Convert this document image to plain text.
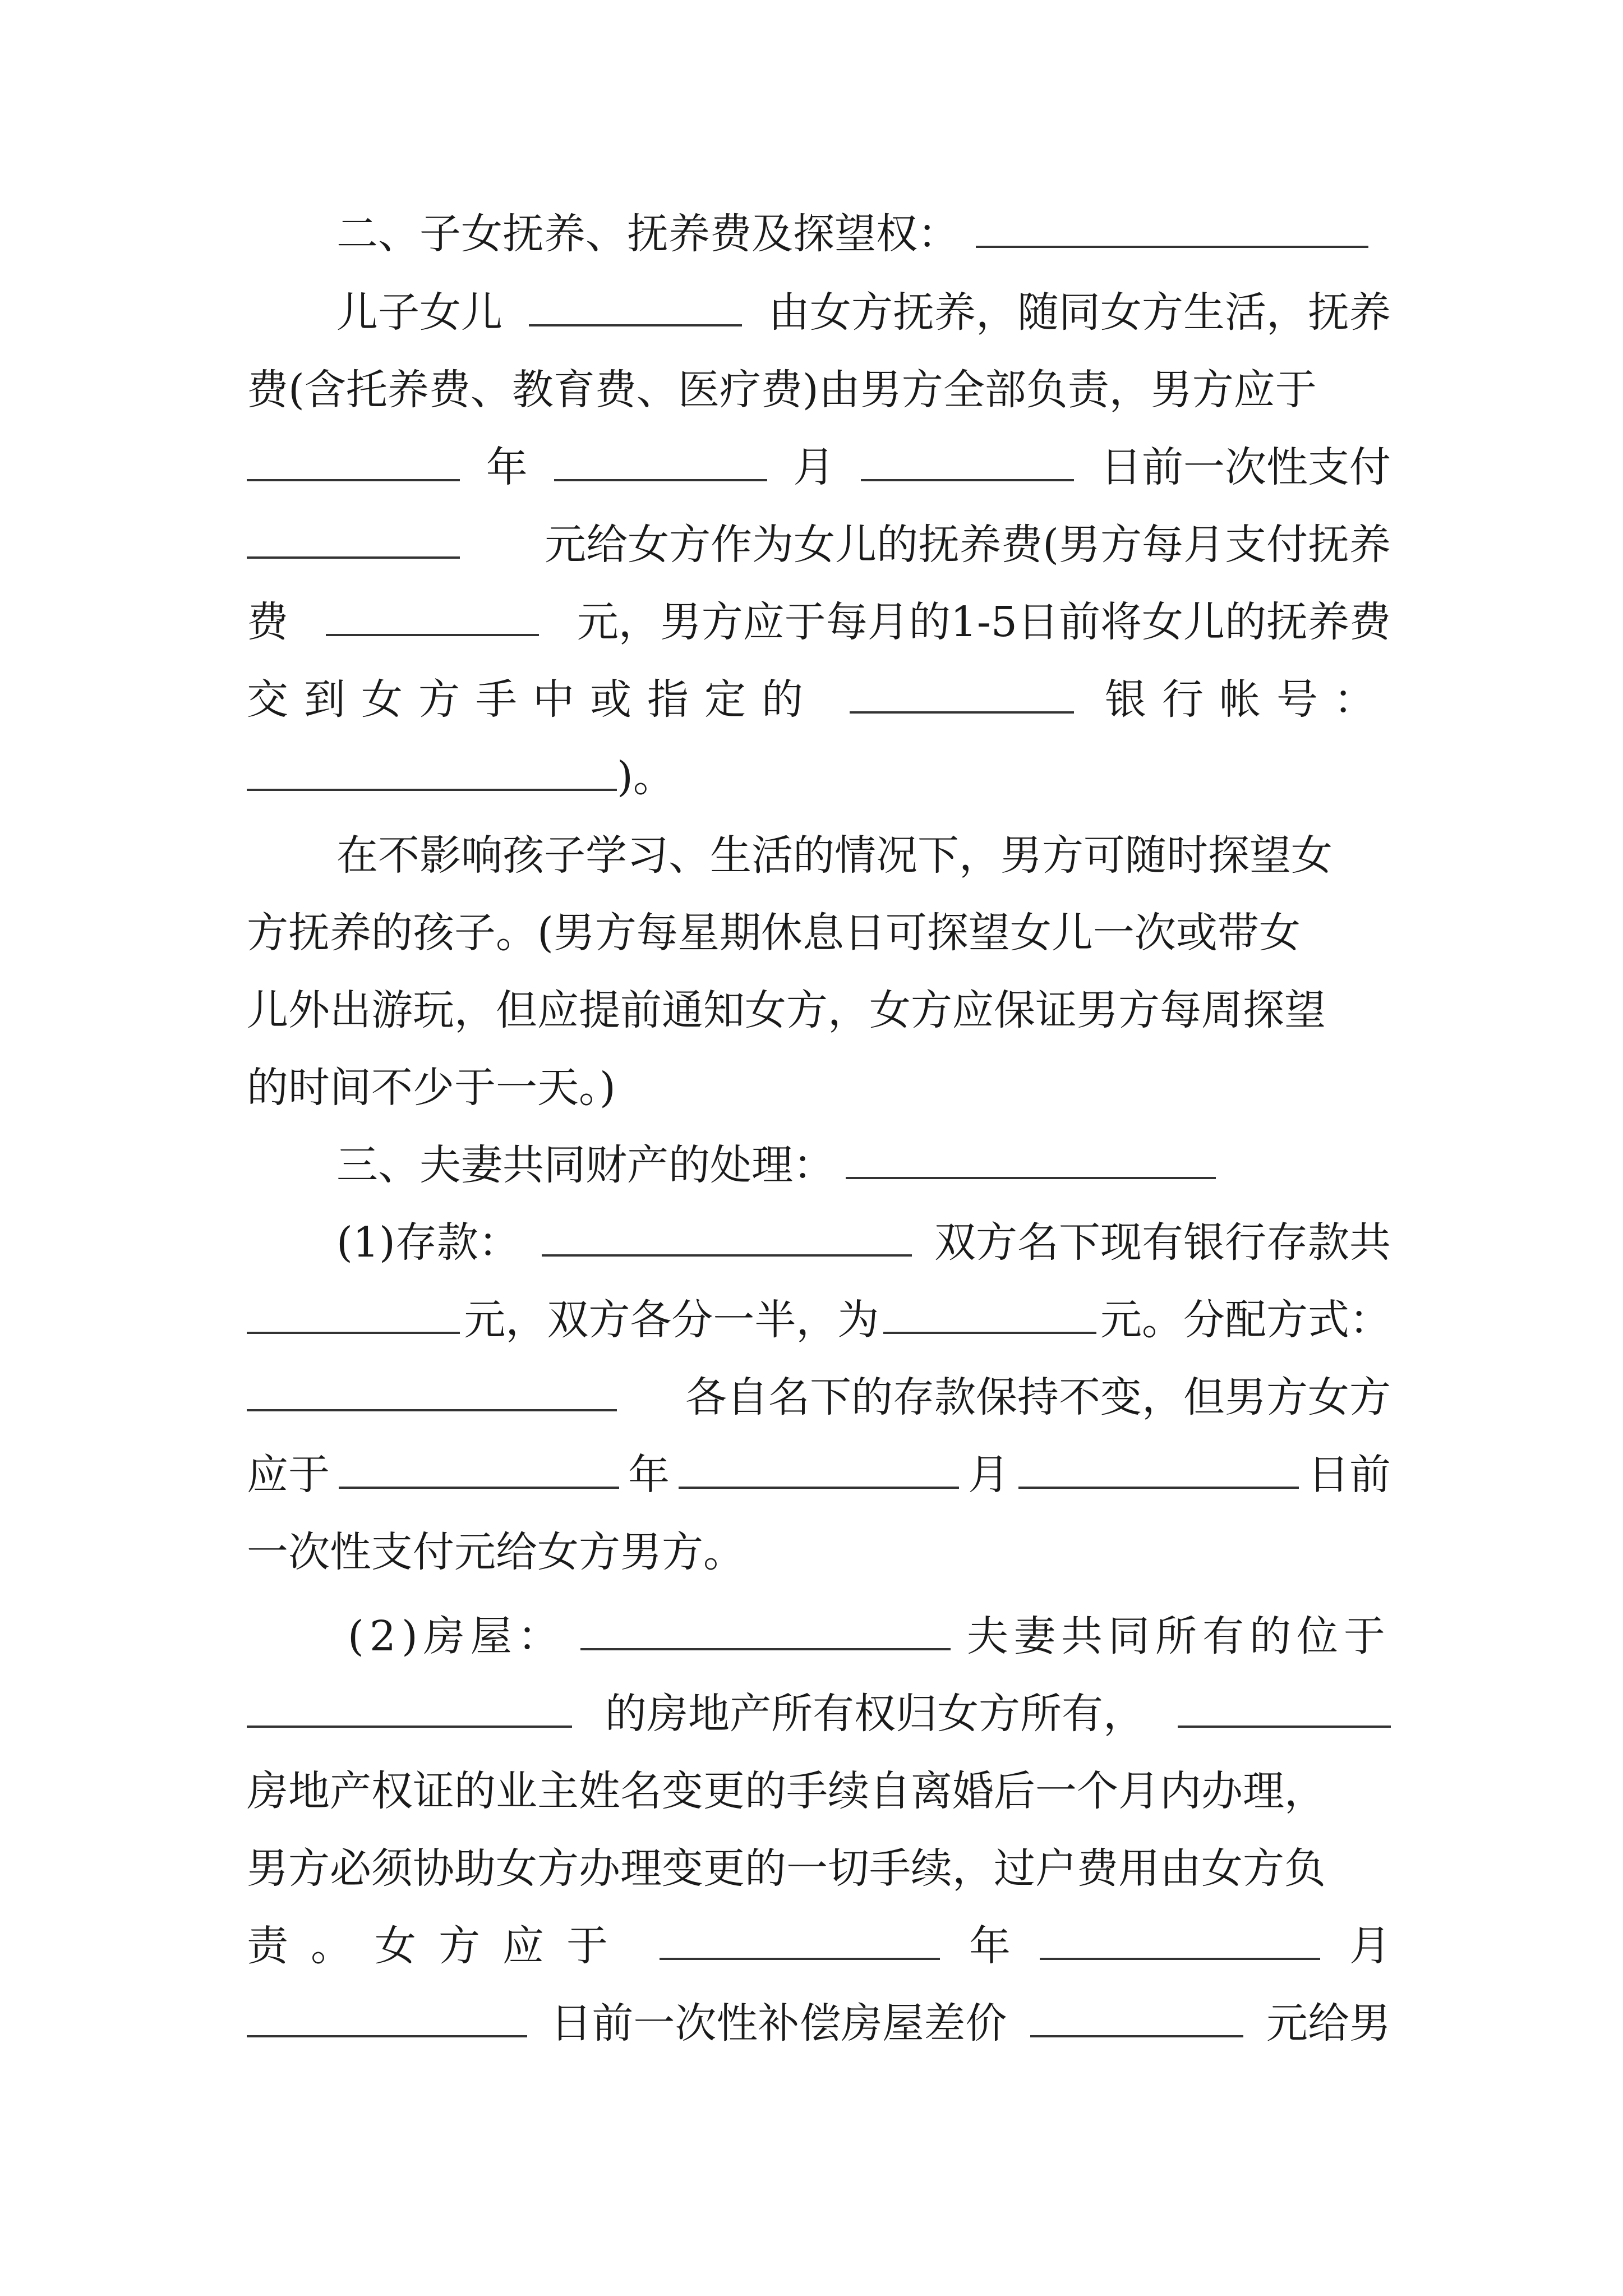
二、子女抚养、抚养费及探望权：
儿子女儿	由女方抚养，随同女方生活，抚养
费(含托养费、教育费、医疗费)由男方全部负责，男方应于
年	月	日前一次性支付
元给女方作为女儿的抚养费(男方每月支付抚养
费	元，男方应于每月的1-5日前将女儿的抚养费
交到女方手中或指定的	银行帐号：
)。
在不影响孩子学习、生活的情况下，男方可随时探望女
方抚养的孩子。(男方每星期休息日可探望女儿一次或带女
儿外出游玩，但应提前通知女方，女方应保证男方每周探望
的时间不少于一天。)
三、夫妻共同财产的处理：
(1)存款：	双方名下现有银行存款共
元，双方各分一半，为	元。分配方式：
各自名下的存款保持不变，但男方女方
应于	年	月	日前
一次性支付元给女方男方。
(2)房屋：	夫妻共同所有的位于
的房地产所有权归女方所有，
房地产权证的业主姓名变更的手续自离婚后一个月内办理，
男方必须协助女方办理变更的一切手续，过户费用由女方负
责。女方应于	年	月
日前一次性补偿房屋差价	元给男
